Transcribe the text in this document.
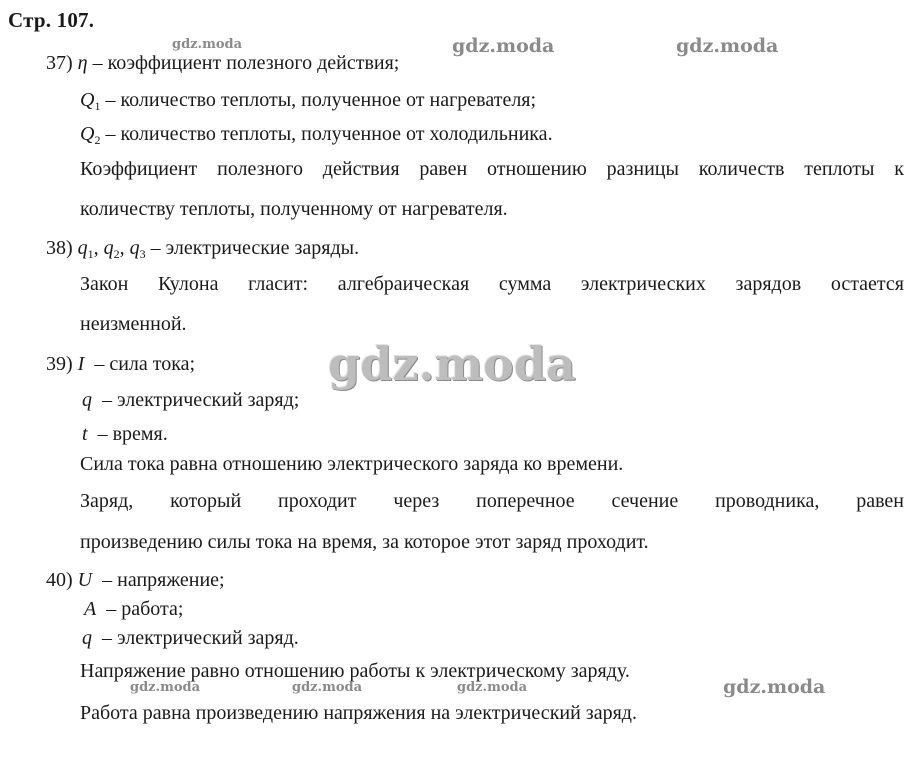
Стр. 107.
37) η – коэффициент полезного действия;
$Q_1$ – количество теплоты, полученное от нагревателя;
$Q_2$ – количество теплоты, полученное от холодильника.
Коэффициент полезного действия равен отношению разницы количеств теплоты к
количеству теплоты, полученному от нагревателя.
38) $q_1$, $q_2$, $q_3$ – электрические заряды.
Закон Кулона гласит: алгебраическая сумма электрических зарядов остается
неизменной.
39) I  – сила тока;
q  – электрический заряд;
t  – время.
Сила тока равна отношению электрического заряда ко времени.
Заряд, который проходит через поперечное сечение проводника, равен
произведению силы тока на время, за которое этот заряд проходит.
40) U  – напряжение;
A  – работа;
q  – электрический заряд.
Напряжение равно отношению работы к электрическому заряду.
Работа равна произведению напряжения на электрический заряд.
gdz.moda	gdz.moda	gdz.moda
gdz.moda
gdz.moda	gdz.moda	gdz.moda	gdz.moda
